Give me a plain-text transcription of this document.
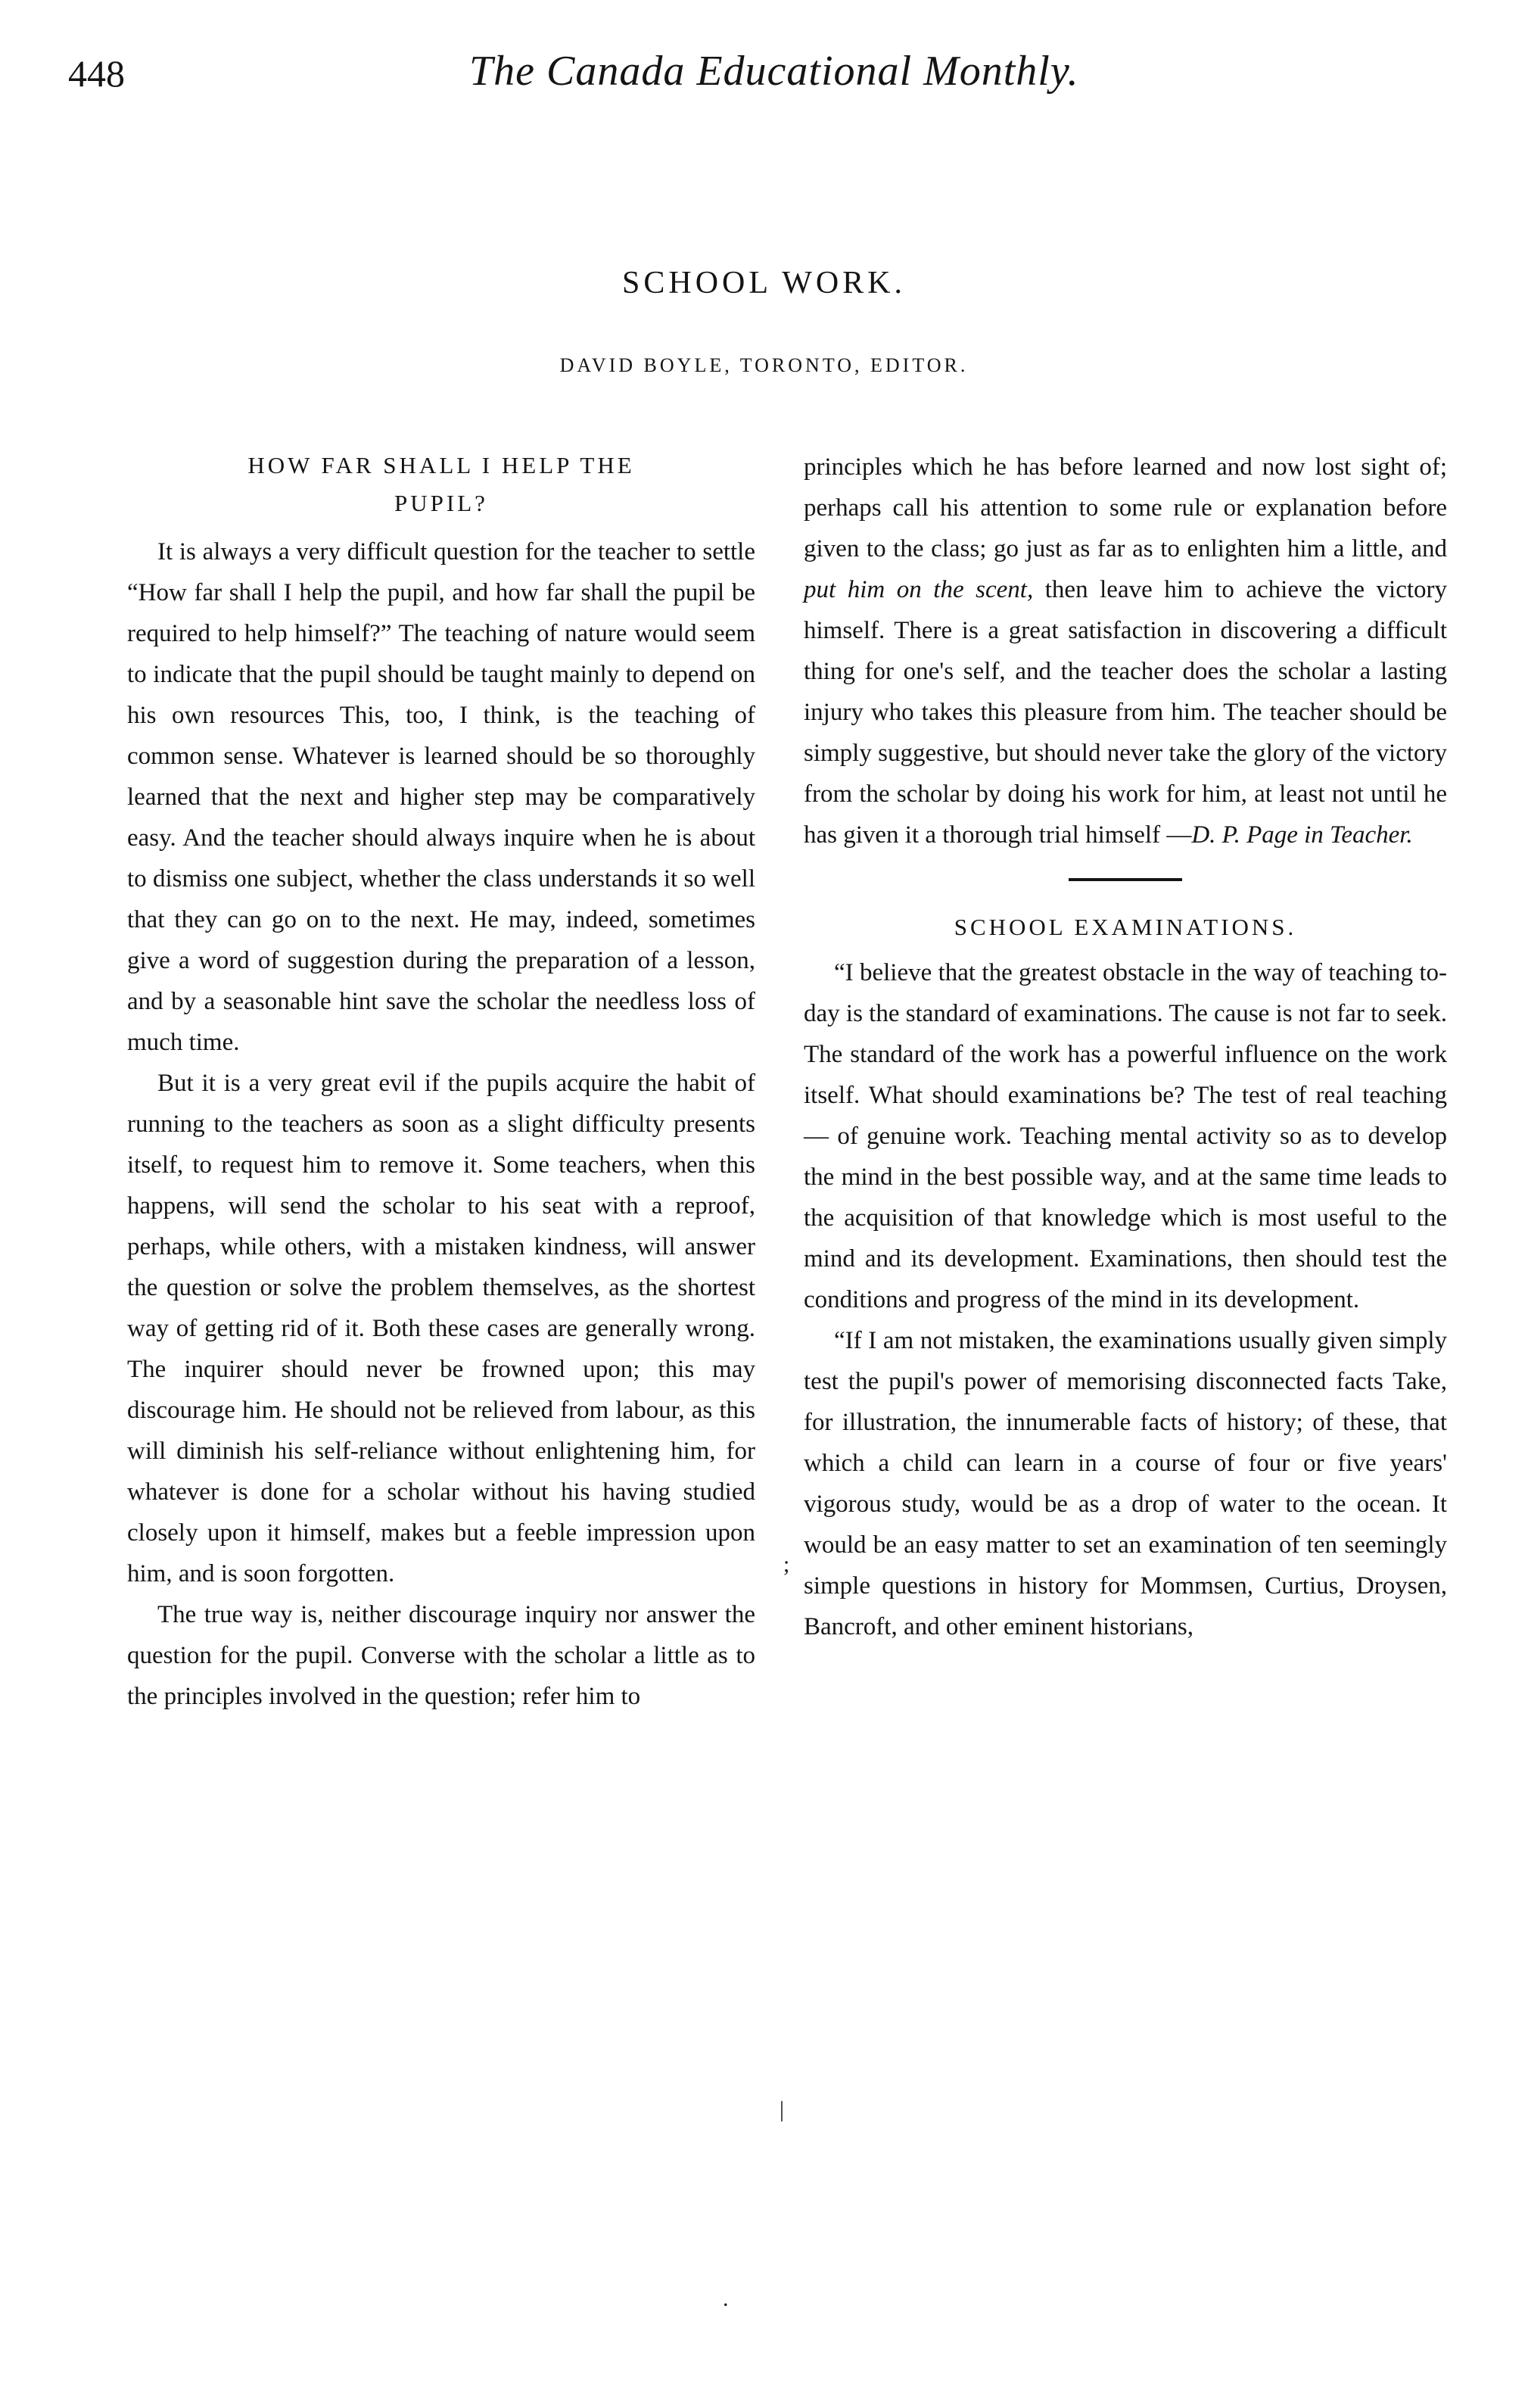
448	The Canada Educational Monthly.
SCHOOL WORK.
DAVID BOYLE, TORONTO, EDITOR.
HOW FAR SHALL I HELP THE
PUPIL?

It is always a very difficult question for the teacher to settle “How far shall I help the pupil, and how far shall the pupil be required to help himself?” The teaching of nature would seem to indicate that the pupil should be taught mainly to depend on his own resources This, too, I think, is the teaching of common sense. Whatever is learned should be so thoroughly learned that the next and higher step may be comparatively easy. And the teacher should always inquire when he is about to dismiss one subject, whether the class understands it so well that they can go on to the next. He may, indeed, sometimes give a word of suggestion during the preparation of a lesson, and by a seasonable hint save the scholar the needless loss of much time.

But it is a very great evil if the pupils acquire the habit of running to the teachers as soon as a slight difficulty presents itself, to request him to remove it. Some teachers, when this happens, will send the scholar to his seat with a reproof, perhaps, while others, with a mistaken kindness, will answer the question or solve the problem themselves, as the shortest way of getting rid of it. Both these cases are generally wrong. The inquirer should never be frowned upon; this may discourage him. He should not be relieved from labour, as this will diminish his self-reliance without enlightening him, for whatever is done for a scholar without his having studied closely upon it himself, makes but a feeble impression upon him, and is soon forgotten.

The true way is, neither discourage inquiry nor answer the question for the pupil. Converse with the scholar a little as to the principles involved in the question; refer him to

principles which he has before learned and now lost sight of; perhaps call his attention to some rule or explanation before given to the class; go just as far as to enlighten him a little, and put him on the scent, then leave him to achieve the victory himself. There is a great satisfaction in discovering a difficult thing for one's self, and the teacher does the scholar a lasting injury who takes this pleasure from him. The teacher should be simply suggestive, but should never take the glory of the victory from the scholar by doing his work for him, at least not until he has given it a thorough trial himself —D. P. Page in Teacher.

SCHOOL EXAMINATIONS.

“I believe that the greatest obstacle in the way of teaching to-day is the standard of examinations. The cause is not far to seek. The standard of the work has a powerful influence on the work itself. What should examinations be? The test of real teaching — of genuine work. Teaching mental activity so as to develop the mind in the best possible way, and at the same time leads to the acquisition of that knowledge which is most useful to the mind and its development. Examinations, then should test the conditions and progress of the mind in its development.

“If I am not mistaken, the examinations usually given simply test the pupil's power of memorising disconnected facts Take, for illustration, the innumerable facts of history; of these, that which a child can learn in a course of four or five years' vigorous study, would be as a drop of water to the ocean. It would be an easy matter to set an examination of ten seemingly simple questions in history for Mommsen, Curtius, Droysen, Bancroft, and other eminent historians,

;
|
.
